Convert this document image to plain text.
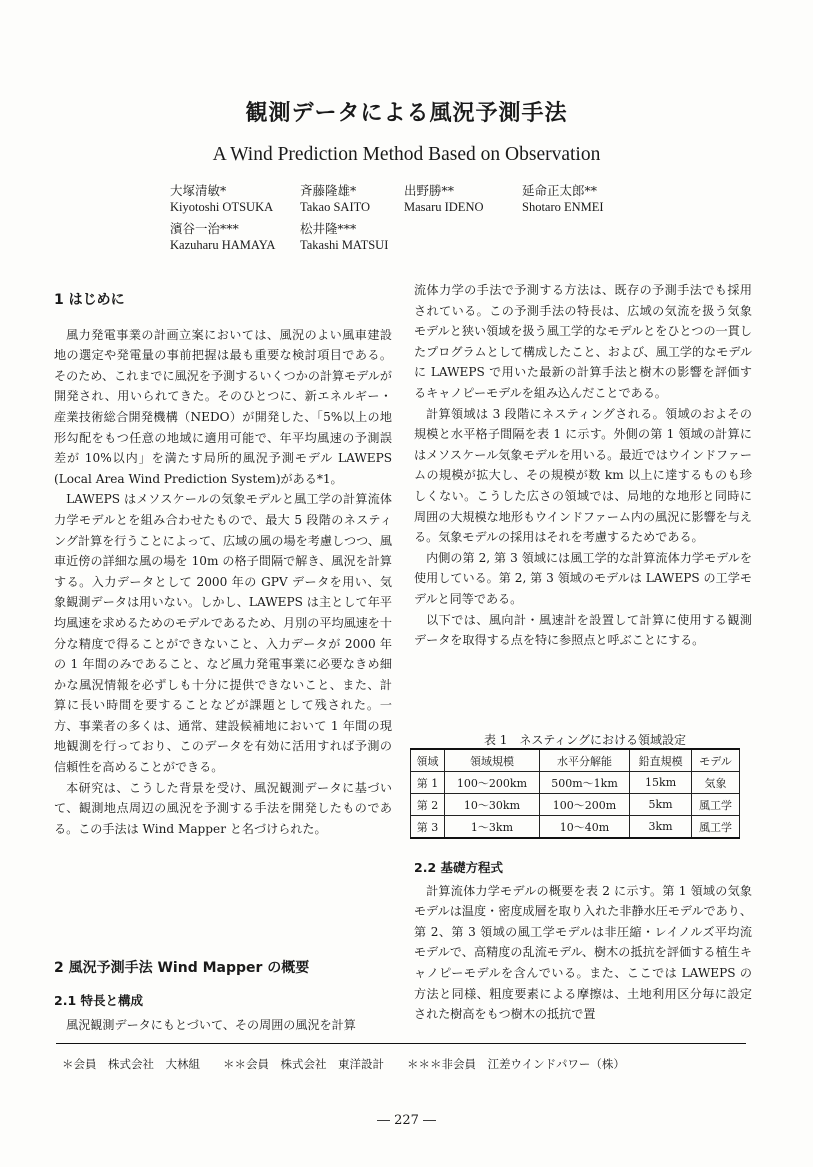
観測データによる風況予測手法
A Wind Prediction Method Based on Observation
大塚清敏*
Kiyotoshi OTSUKA
斉藤隆雄*
Takao SAITO
出野勝**
Masaru IDENO
延命正太郎**
Shotaro ENMEI
濱谷一治***
Kazuharu HAMAYA
松井隆***
Takashi MATSUI
1 はじめに

風力発電事業の計画立案においては、風況のよい風車建設地の選定や発電量の事前把握は最も重要な検討項目である。そのため、これまでに風況を予測するいくつかの計算モデルが開発され、用いられてきた。そのひとつに、新エネルギー・産業技術総合開発機構（NEDO）が開発した、「5%以上の地形勾配をもつ任意の地域に適用可能で、年平均風速の予測誤差が 10%以内」を満たす局所的風況予測モデル LAWEPS (Local Area Wind Prediction System)がある*1。

LAWEPS はメソスケールの気象モデルと風工学の計算流体力学モデルとを組み合わせたもので、最大 5 段階のネスティング計算を行うことによって、広域の風の場を考慮しつつ、風車近傍の詳細な風の場を 10m の格子間隔で解き、風況を計算する。入力データとして 2000 年の GPV データを用い、気象観測データは用いない。しかし、LAWEPS は主として年平均風速を求めるためのモデルであるため、月別の平均風速を十分な精度で得ることができないこと、入力データが 2000 年の 1 年間のみであること、など風力発電事業に必要なきめ細かな風況情報を必ずしも十分に提供できないこと、また、計算に長い時間を要することなどが課題として残された。一方、事業者の多くは、通常、建設候補地において 1 年間の現地観測を行っており、このデータを有効に活用すれば予測の信頼性を高めることができる。

本研究は、こうした背景を受け、風況観測データに基づいて、観測地点周辺の風況を予測する手法を開発したものである。この手法は Wind Mapper と名づけられた。

2 風況予測手法 Wind Mapper の概要
2.1 特長と構成

風況観測データにもとづいて、その周囲の風況を計算

流体力学の手法で予測する方法は、既存の予測手法でも採用されている。この予測手法の特長は、広域の気流を扱う気象モデルと狭い領域を扱う風工学的なモデルとをひとつの一貫したプログラムとして構成したこと、および、風工学的なモデルに LAWEPS で用いた最新の計算手法と樹木の影響を評価するキャノピーモデルを組み込んだことである。

計算領域は 3 段階にネスティングされる。領域のおよその規模と水平格子間隔を表 1 に示す。外側の第 1 領域の計算にはメソスケール気象モデルを用いる。最近ではウインドファームの規模が拡大し、その規模が数 km 以上に達するものも珍しくない。こうした広さの領域では、局地的な地形と同時に周囲の大規模な地形もウインドファーム内の風況に影響を与える。気象モデルの採用はそれを考慮するためである。

内側の第 2, 第 3 領域には風工学的な計算流体力学モデルを使用している。第 2, 第 3 領域のモデルは LAWEPS の工学モデルと同等である。

以下では、風向計・風速計を設置して計算に使用する観測データを取得する点を特に参照点と呼ぶことにする。

表 1　ネスティングにおける領域設定
領域	領域規模	水平分解能	鉛直規模	モデル
第 1	100～200km	500m～1km	15km	気象
第 2	10～30km	100～200m	5km	風工学
第 3	1～3km	10～40m	3km	風工学
2.2 基礎方程式

計算流体力学モデルの概要を表 2 に示す。第 1 領域の気象モデルは温度・密度成層を取り入れた非静水圧モデルであり、第 2、第 3 領域の風工学モデルは非圧縮・レイノルズ平均流モデルで、高精度の乱流モデル、樹木の抵抗を評価する植生キャノピーモデルを含んでいる。また、ここでは LAWEPS の方法と同様、粗度要素による摩擦は、土地利用区分毎に設定された樹高をもつ樹木の抵抗で置

＊会員　株式会社　大林組　　＊＊会員　株式会社　東洋設計　　＊＊＊非会員　江差ウインドパワー（株）
― 227 ―
